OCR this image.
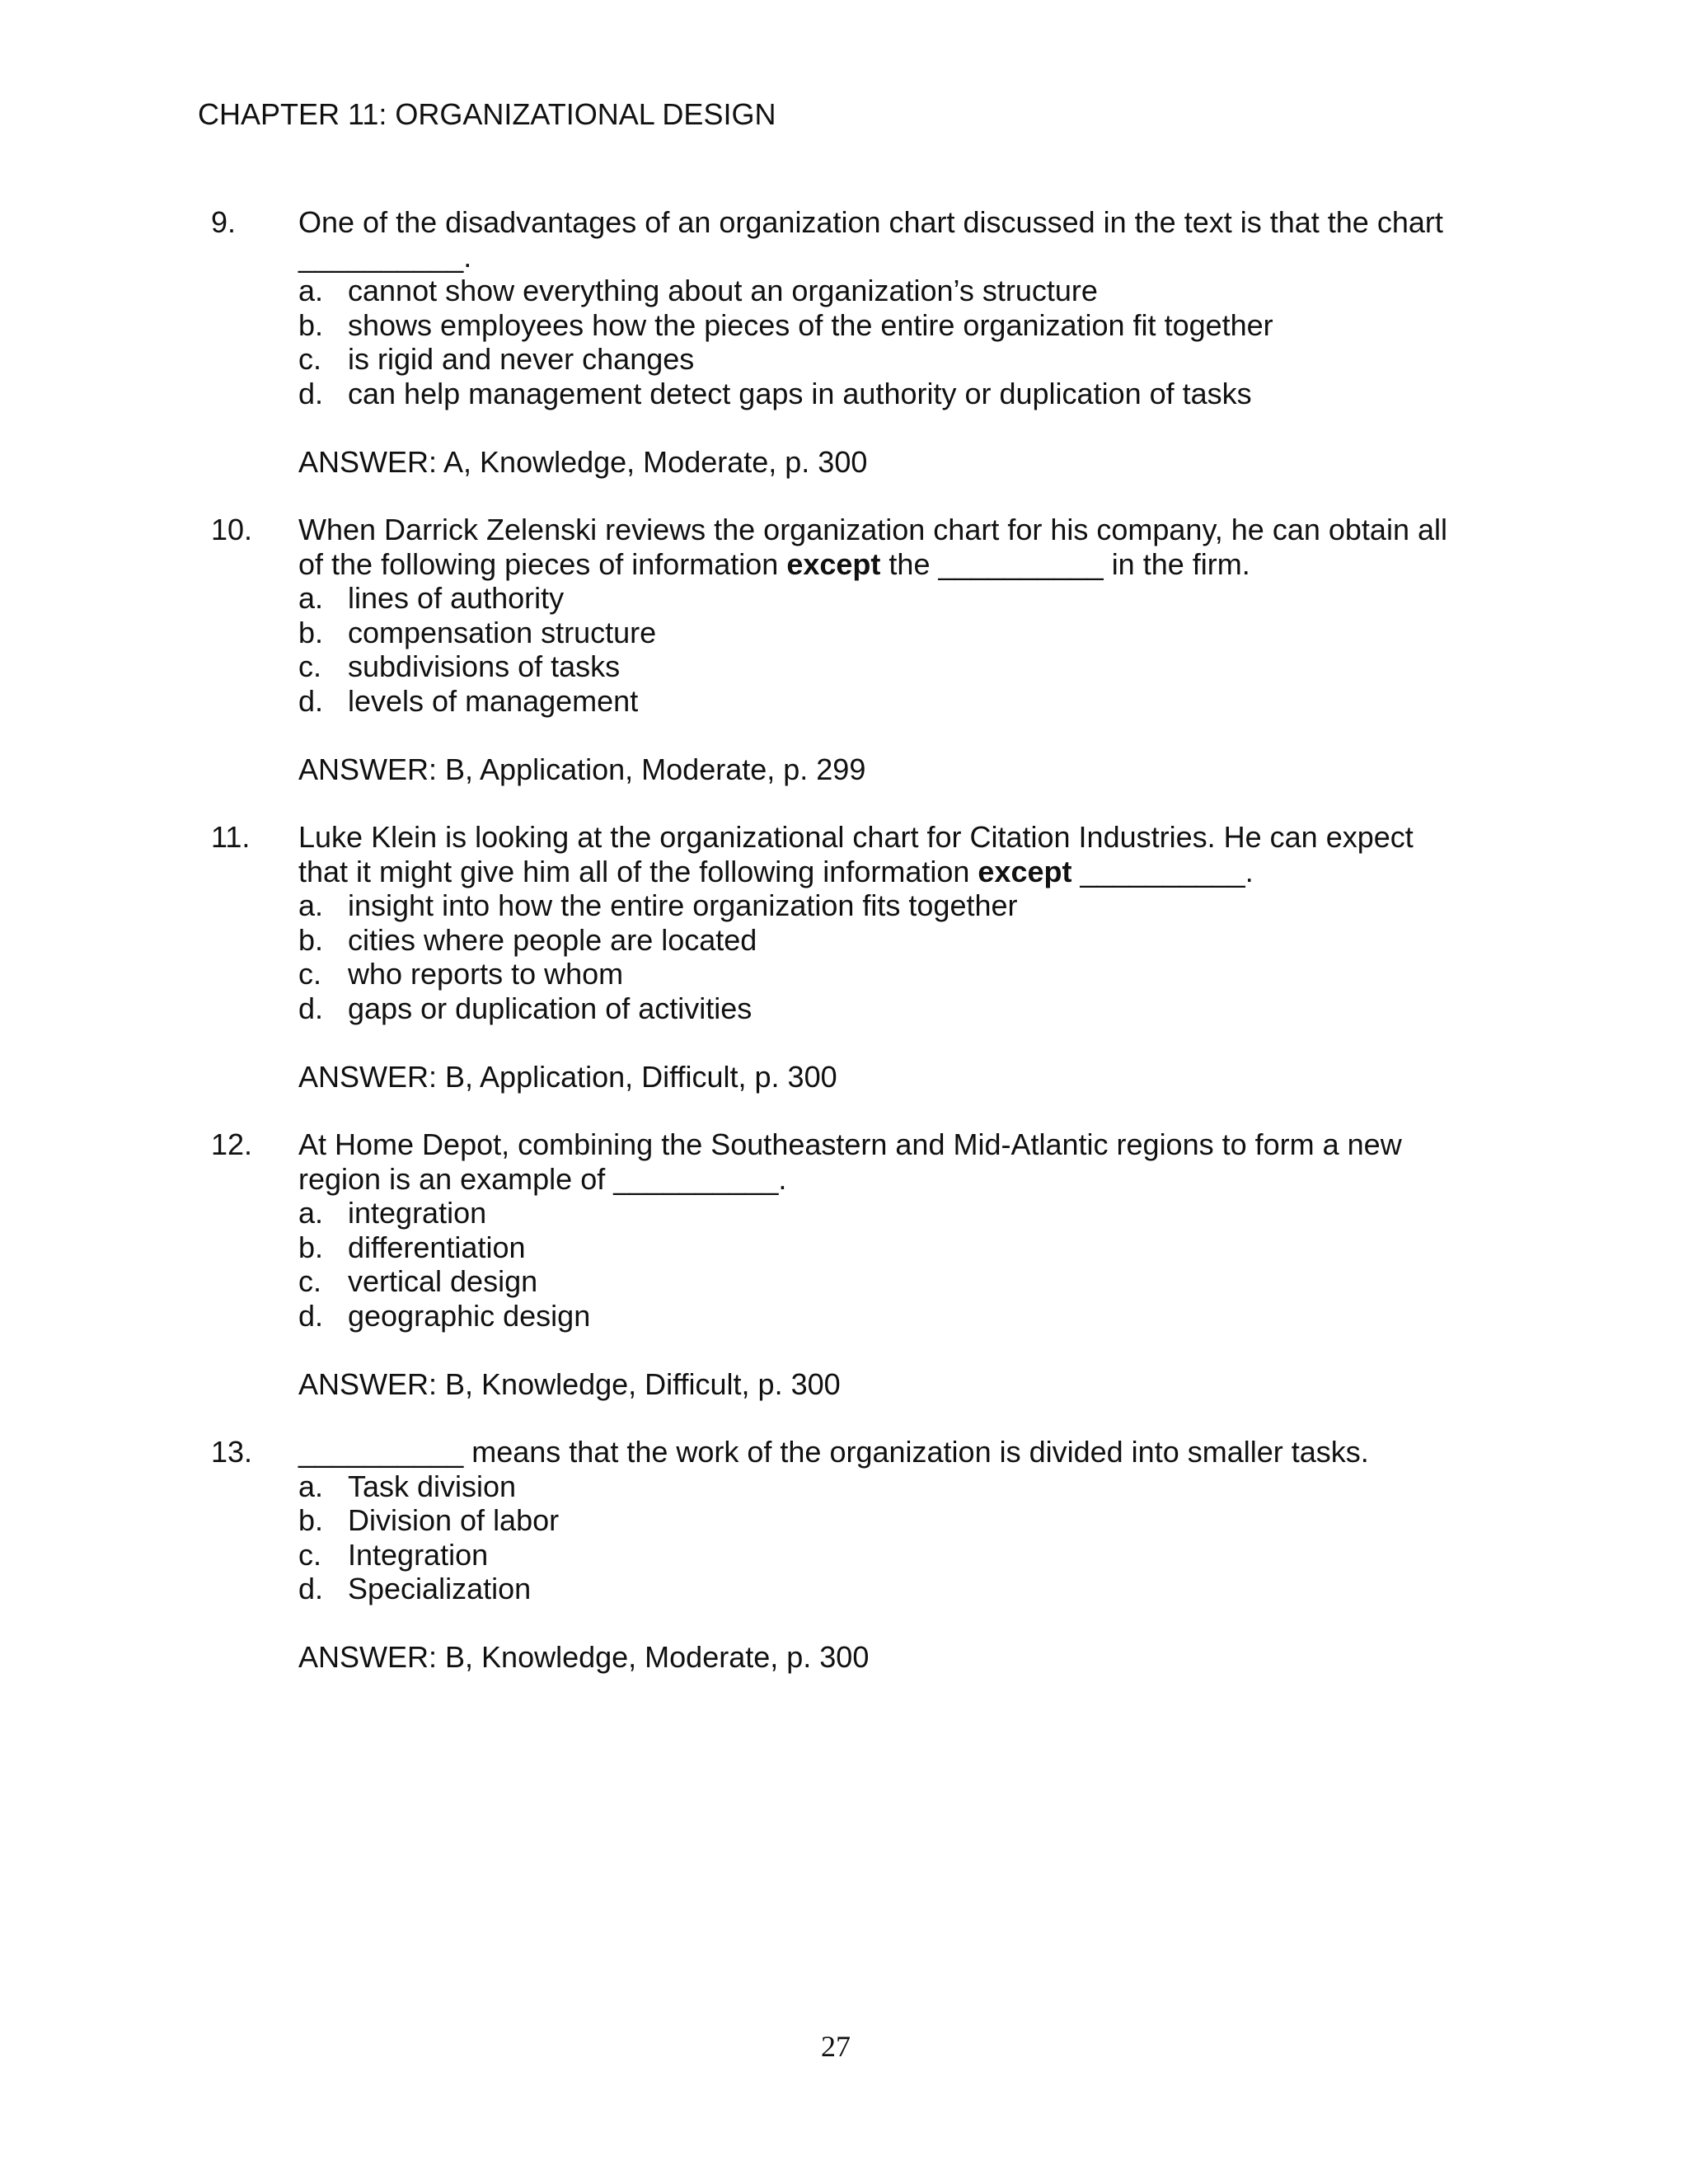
CHAPTER 11: ORGANIZATIONAL DESIGN
9. One of the disadvantages of an organization chart discussed in the text is that the chart
__________.
a. cannot show everything about an organization’s structure
b. shows employees how the pieces of the entire organization fit together
c. is rigid and never changes
d. can help management detect gaps in authority or duplication of tasks
ANSWER: A, Knowledge, Moderate, p. 300
10. When Darrick Zelenski reviews the organization chart for his company, he can obtain all
of the following pieces of information except the __________ in the firm.
a. lines of authority
b. compensation structure
c. subdivisions of tasks
d. levels of management
ANSWER: B, Application, Moderate, p. 299
11. Luke Klein is looking at the organizational chart for Citation Industries. He can expect
that it might give him all of the following information except __________.
a. insight into how the entire organization fits together
b. cities where people are located
c. who reports to whom
d. gaps or duplication of activities
ANSWER: B, Application, Difficult, p. 300
12. At Home Depot, combining the Southeastern and Mid-Atlantic regions to form a new
region is an example of __________.
a. integration
b. differentiation
c. vertical design
d. geographic design
ANSWER: B, Knowledge, Difficult, p. 300
13. __________ means that the work of the organization is divided into smaller tasks.
a. Task division
b. Division of labor
c. Integration
d. Specialization
ANSWER: B, Knowledge, Moderate, p. 300
27
